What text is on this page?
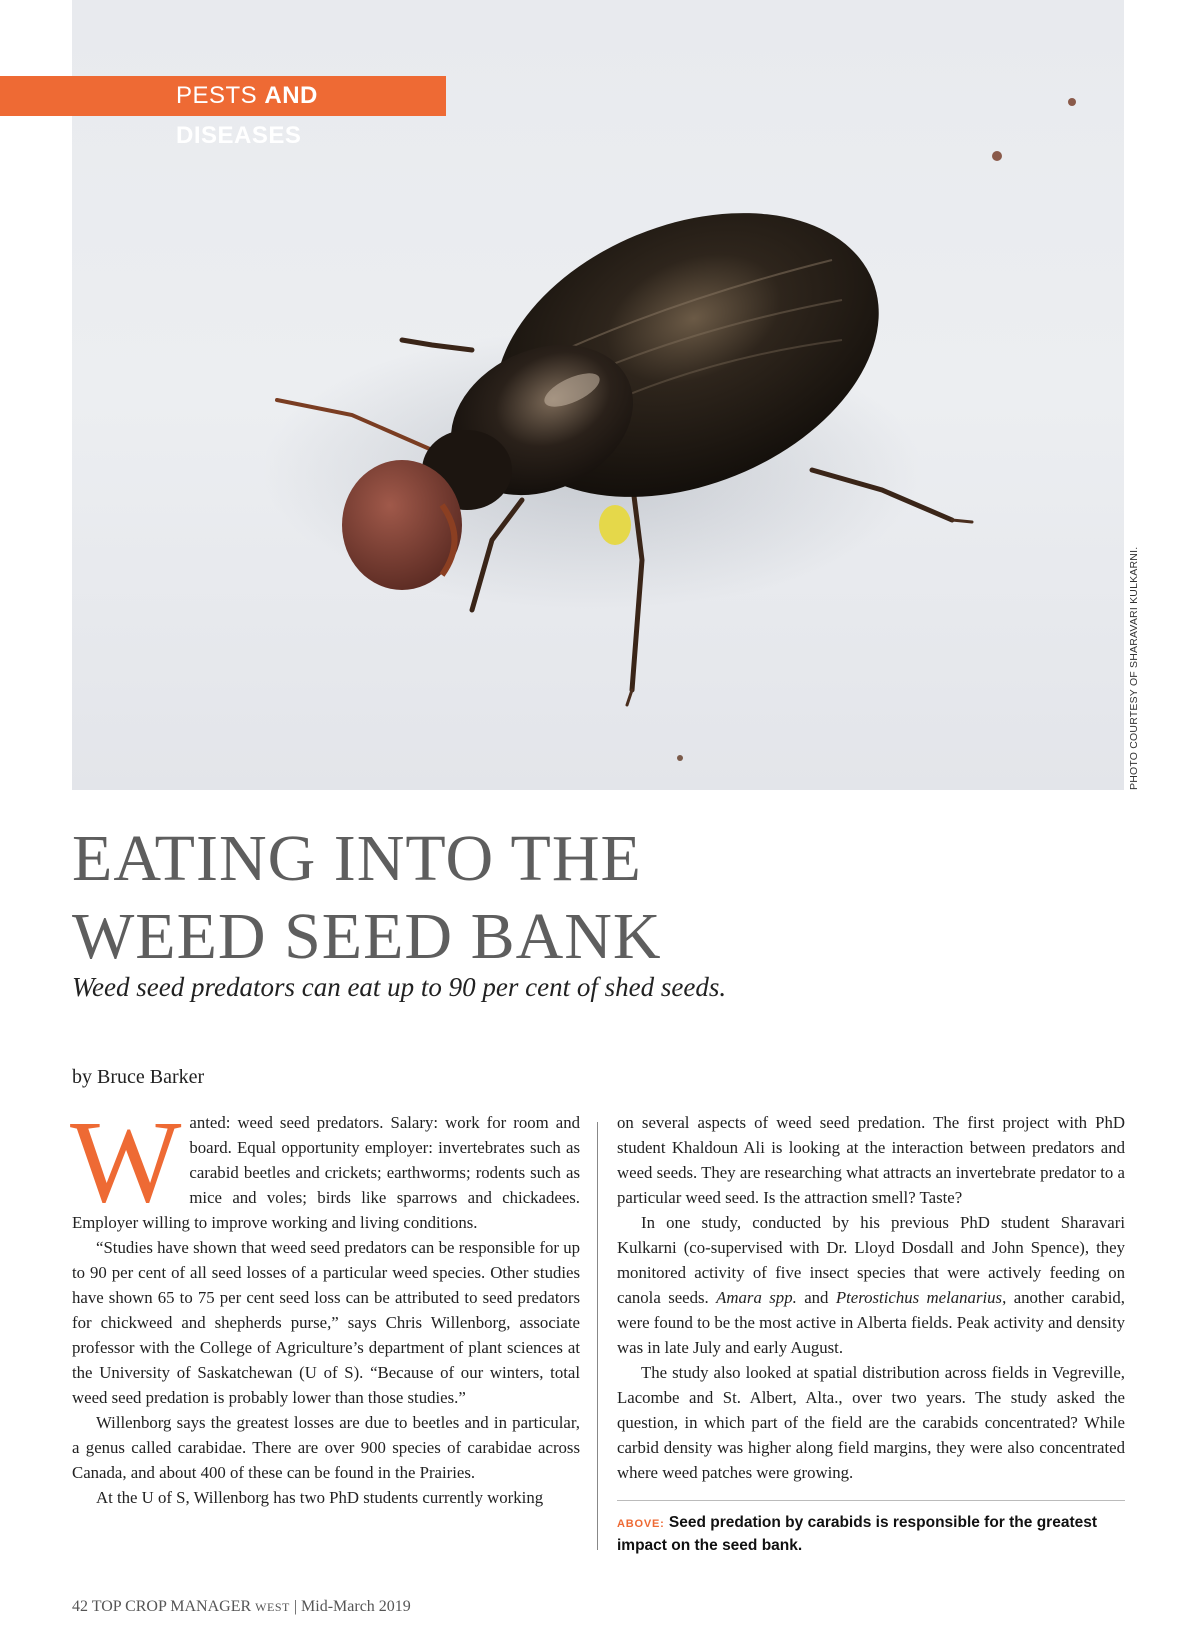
PESTS AND DISEASES
PHOTO COURTESY OF SHARAVARI KULKARNI.
EATING INTO THE
WEED SEED BANK
Weed seed predators can eat up to 90 per cent of shed seeds.
by Bruce Barker

Wanted: weed seed predators. Salary: work for room and board. Equal opportunity employer: invertebrates such as carabid beetles and crickets; earthworms; rodents such as mice and voles; birds like sparrows and chickadees. Employer willing to improve working and living conditions.

“Studies have shown that weed seed predators can be responsible for up to 90 per cent of all seed losses of a particular weed species. Other studies have shown 65 to 75 per cent seed loss can be attributed to seed predators for chickweed and shepherds purse,” says Chris Willenborg, associate professor with the College of Agriculture’s department of plant sciences at the University of Saskatchewan (U of S). “Because of our winters, total weed seed predation is probably lower than those studies.”

Willenborg says the greatest losses are due to beetles and in particular, a genus called carabidae. There are over 900 species of carabidae across Canada, and about 400 of these can be found in the Prairies.

At the U of S, Willenborg has two PhD students currently working

on several aspects of weed seed predation. The first project with PhD student Khaldoun Ali is looking at the interaction between predators and weed seeds. They are researching what attracts an invertebrate predator to a particular weed seed. Is the attraction smell? Taste?

In one study, conducted by his previous PhD student Sharavari Kulkarni (co-supervised with Dr. Lloyd Dosdall and John Spence), they monitored activity of five insect species that were actively feeding on canola seeds. Amara spp. and Pterostichus melanarius, another carabid, were found to be the most active in Alberta fields. Peak activity and density was in late July and early August.

The study also looked at spatial distribution across fields in Vegreville, Lacombe and St. Albert, Alta., over two years. The study asked the question, in which part of the field are the carabids concentrated? While carbid density was higher along field margins, they were also concentrated where weed patches were growing.

ABOVE: Seed predation by carabids is responsible for the greatest impact on the seed bank.
42 TOP CROP MANAGER WEST | Mid-March 2019
